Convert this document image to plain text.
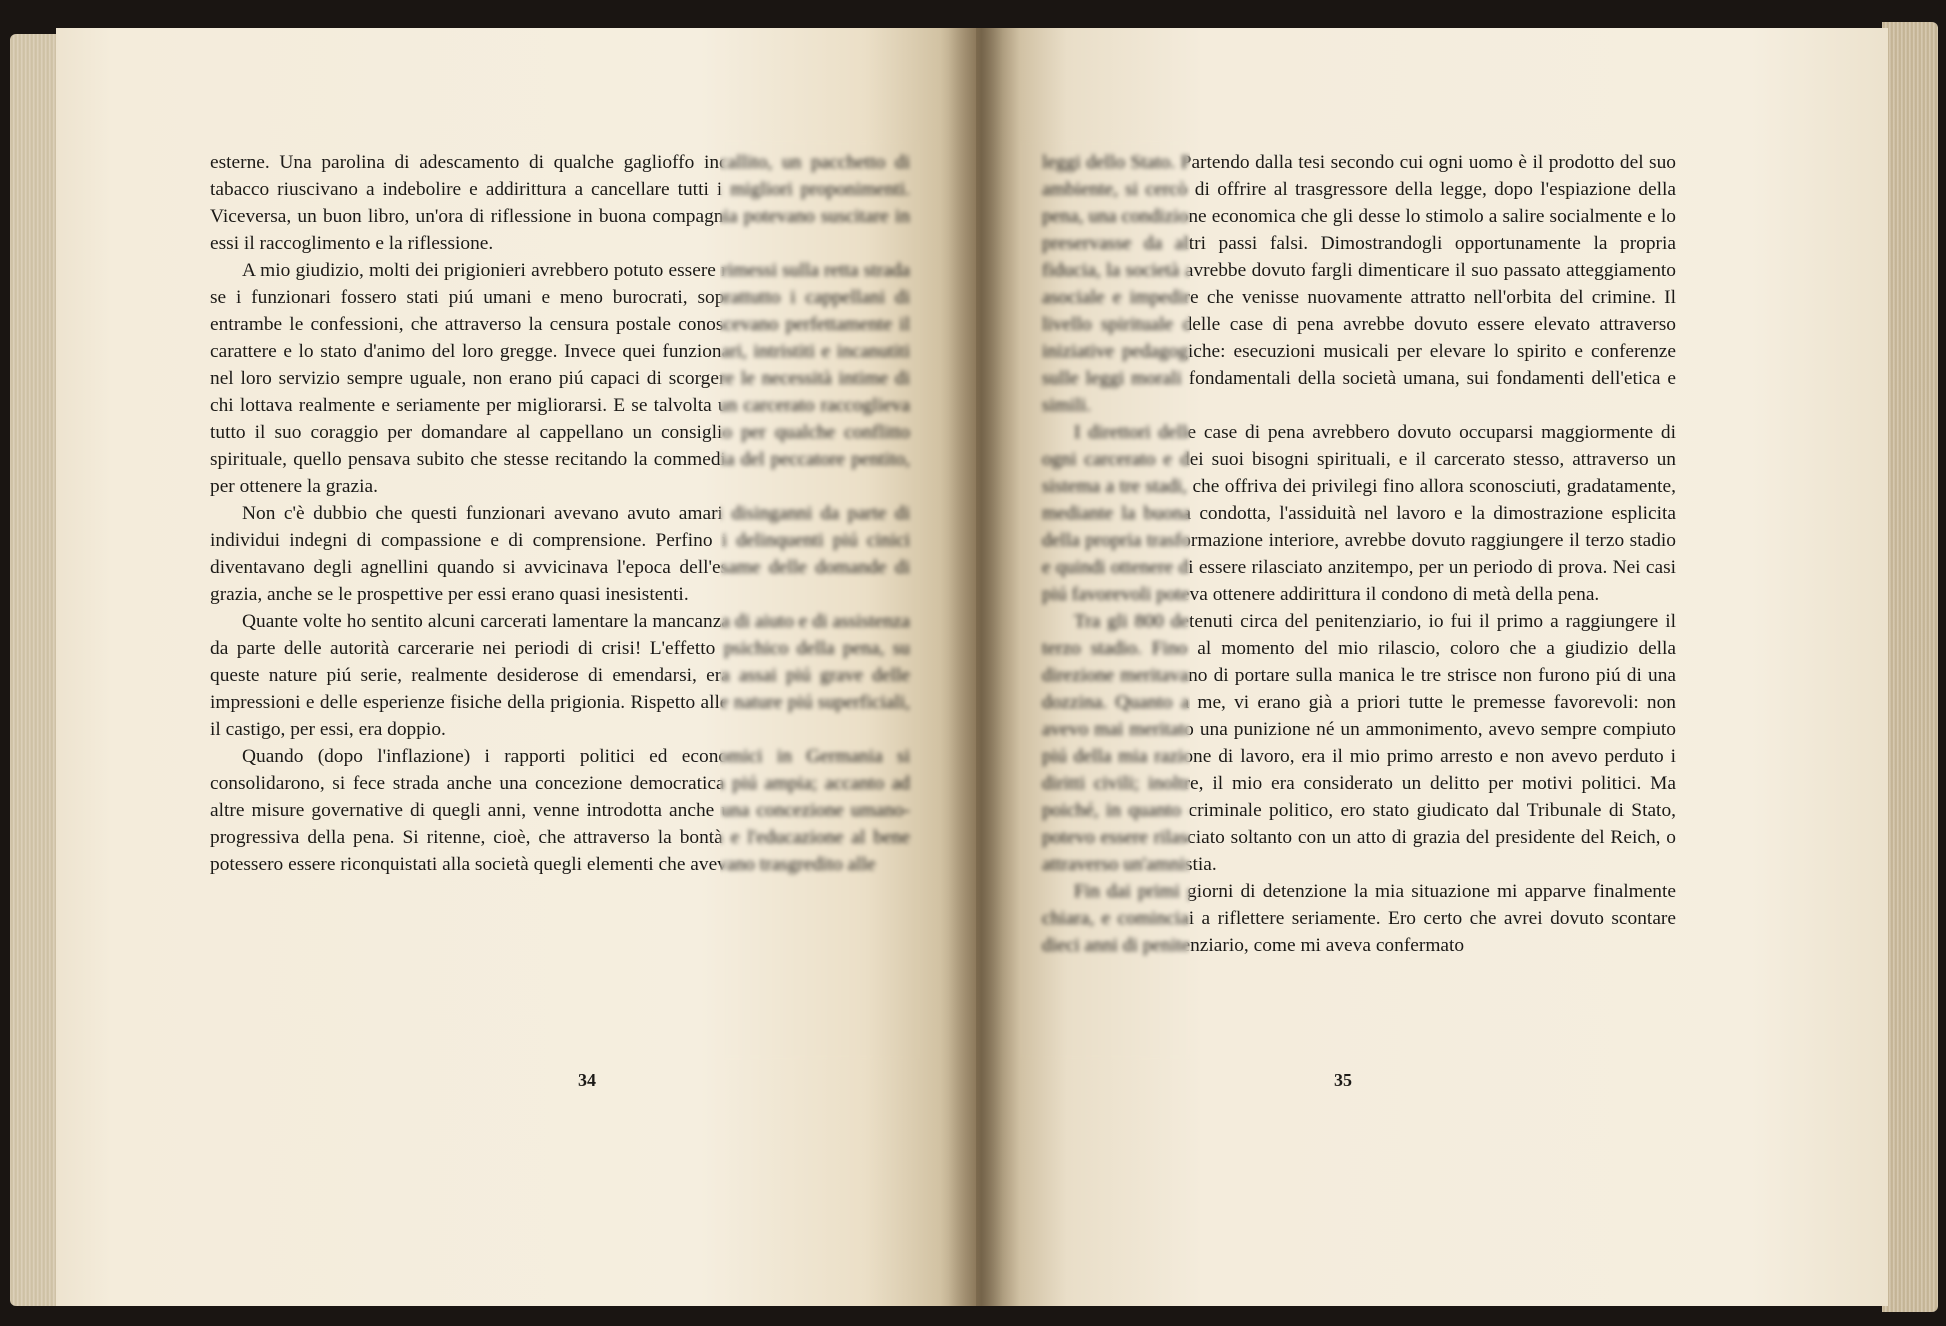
esterne. Una parolina di adescamento di qualche gaglioffo incallito, un pacchetto di tabacco riuscivano a indebolire e addirittura a cancellare tutti i migliori proponimenti. Viceversa, un buon libro, un'ora di riflessione in buona compagnia potevano suscitare in essi il raccoglimento e la riflessione.

A mio giudizio, molti dei prigionieri avrebbero potuto essere rimessi sulla retta strada se i funzionari fossero stati piú umani e meno burocrati, soprattutto i cappellani di entrambe le confessioni, che attraverso la censura postale conoscevano perfettamente il carattere e lo stato d'animo del loro gregge. Invece quei funzionari, intristiti e incanutiti nel loro servizio sempre uguale, non erano piú capaci di scorgere le necessità intime di chi lottava realmente e seriamente per migliorarsi. E se talvolta un carcerato raccoglieva tutto il suo coraggio per domandare al cappellano un consiglio per qualche conflitto spirituale, quello pensava subito che stesse recitando la commedia del peccatore pentito, per ottenere la grazia.

Non c'è dubbio che questi funzionari avevano avuto amari disinganni da parte di individui indegni di compassione e di comprensione. Perfino i delinquenti piú cinici diventavano degli agnellini quando si avvicinava l'epoca dell'esame delle domande di grazia, anche se le prospettive per essi erano quasi inesistenti.

Quante volte ho sentito alcuni carcerati lamentare la mancanza di aiuto e di assistenza da parte delle autorità carcerarie nei periodi di crisi! L'effetto psichico della pena, su queste nature piú serie, realmente desiderose di emendarsi, era assai piú grave delle impressioni e delle esperienze fisiche della prigionia. Rispetto alle nature piú superficiali, il castigo, per essi, era doppio.

Quando (dopo l'inflazione) i rapporti politici ed economici in Germania si consolidarono, si fece strada anche una concezione democratica piú ampia; accanto ad altre misure governative di quegli anni, venne introdotta anche una concezione umano-progressiva della pena. Si ritenne, cioè, che attraverso la bontà e l'educazione al bene potessero essere riconquistati alla società quegli elementi che avevano trasgredito alle

leggi dello Stato. Partendo dalla tesi secondo cui ogni uomo è il prodotto del suo ambiente, si cercò di offrire al trasgressore della legge, dopo l'espiazione della pena, una condizione economica che gli desse lo stimolo a salire socialmente e lo preservasse da altri passi falsi. Dimostrandogli opportunamente la propria fiducia, la società avrebbe dovuto fargli dimenticare il suo passato atteggiamento asociale e impedire che venisse nuovamente attratto nell'orbita del crimine. Il livello spirituale delle case di pena avrebbe dovuto essere elevato attraverso iniziative pedagogiche: esecuzioni musicali per elevare lo spirito e conferenze sulle leggi morali fondamentali della società umana, sui fondamenti dell'etica e simili.

I direttori delle case di pena avrebbero dovuto occuparsi maggiormente di ogni carcerato e dei suoi bisogni spirituali, e il carcerato stesso, attraverso un sistema a tre stadi, che offriva dei privilegi fino allora sconosciuti, gradatamente, mediante la buona condotta, l'assiduità nel lavoro e la dimostrazione esplicita della propria trasformazione interiore, avrebbe dovuto raggiungere il terzo stadio e quindi ottenere di essere rilasciato anzitempo, per un periodo di prova. Nei casi piú favorevoli poteva ottenere addirittura il condono di metà della pena.

Tra gli 800 detenuti circa del penitenziario, io fui il primo a raggiungere il terzo stadio. Fino al momento del mio rilascio, coloro che a giudizio della direzione meritavano di portare sulla manica le tre strisce non furono piú di una dozzina. Quanto a me, vi erano già a priori tutte le premesse favorevoli: non avevo mai meritato una punizione né un ammonimento, avevo sempre compiuto piú della mia razione di lavoro, era il mio primo arresto e non avevo perduto i diritti civili; inoltre, il mio era considerato un delitto per motivi politici. Ma poiché, in quanto criminale politico, ero stato giudicato dal Tribunale di Stato, potevo essere rilasciato soltanto con un atto di grazia del presidente del Reich, o attraverso un'amnistia.

Fin dai primi giorni di detenzione la mia situazione mi apparve finalmente chiara, e cominciai a riflettere seriamente. Ero certo che avrei dovuto scontare dieci anni di penitenziario, come mi aveva confermato

34	35
